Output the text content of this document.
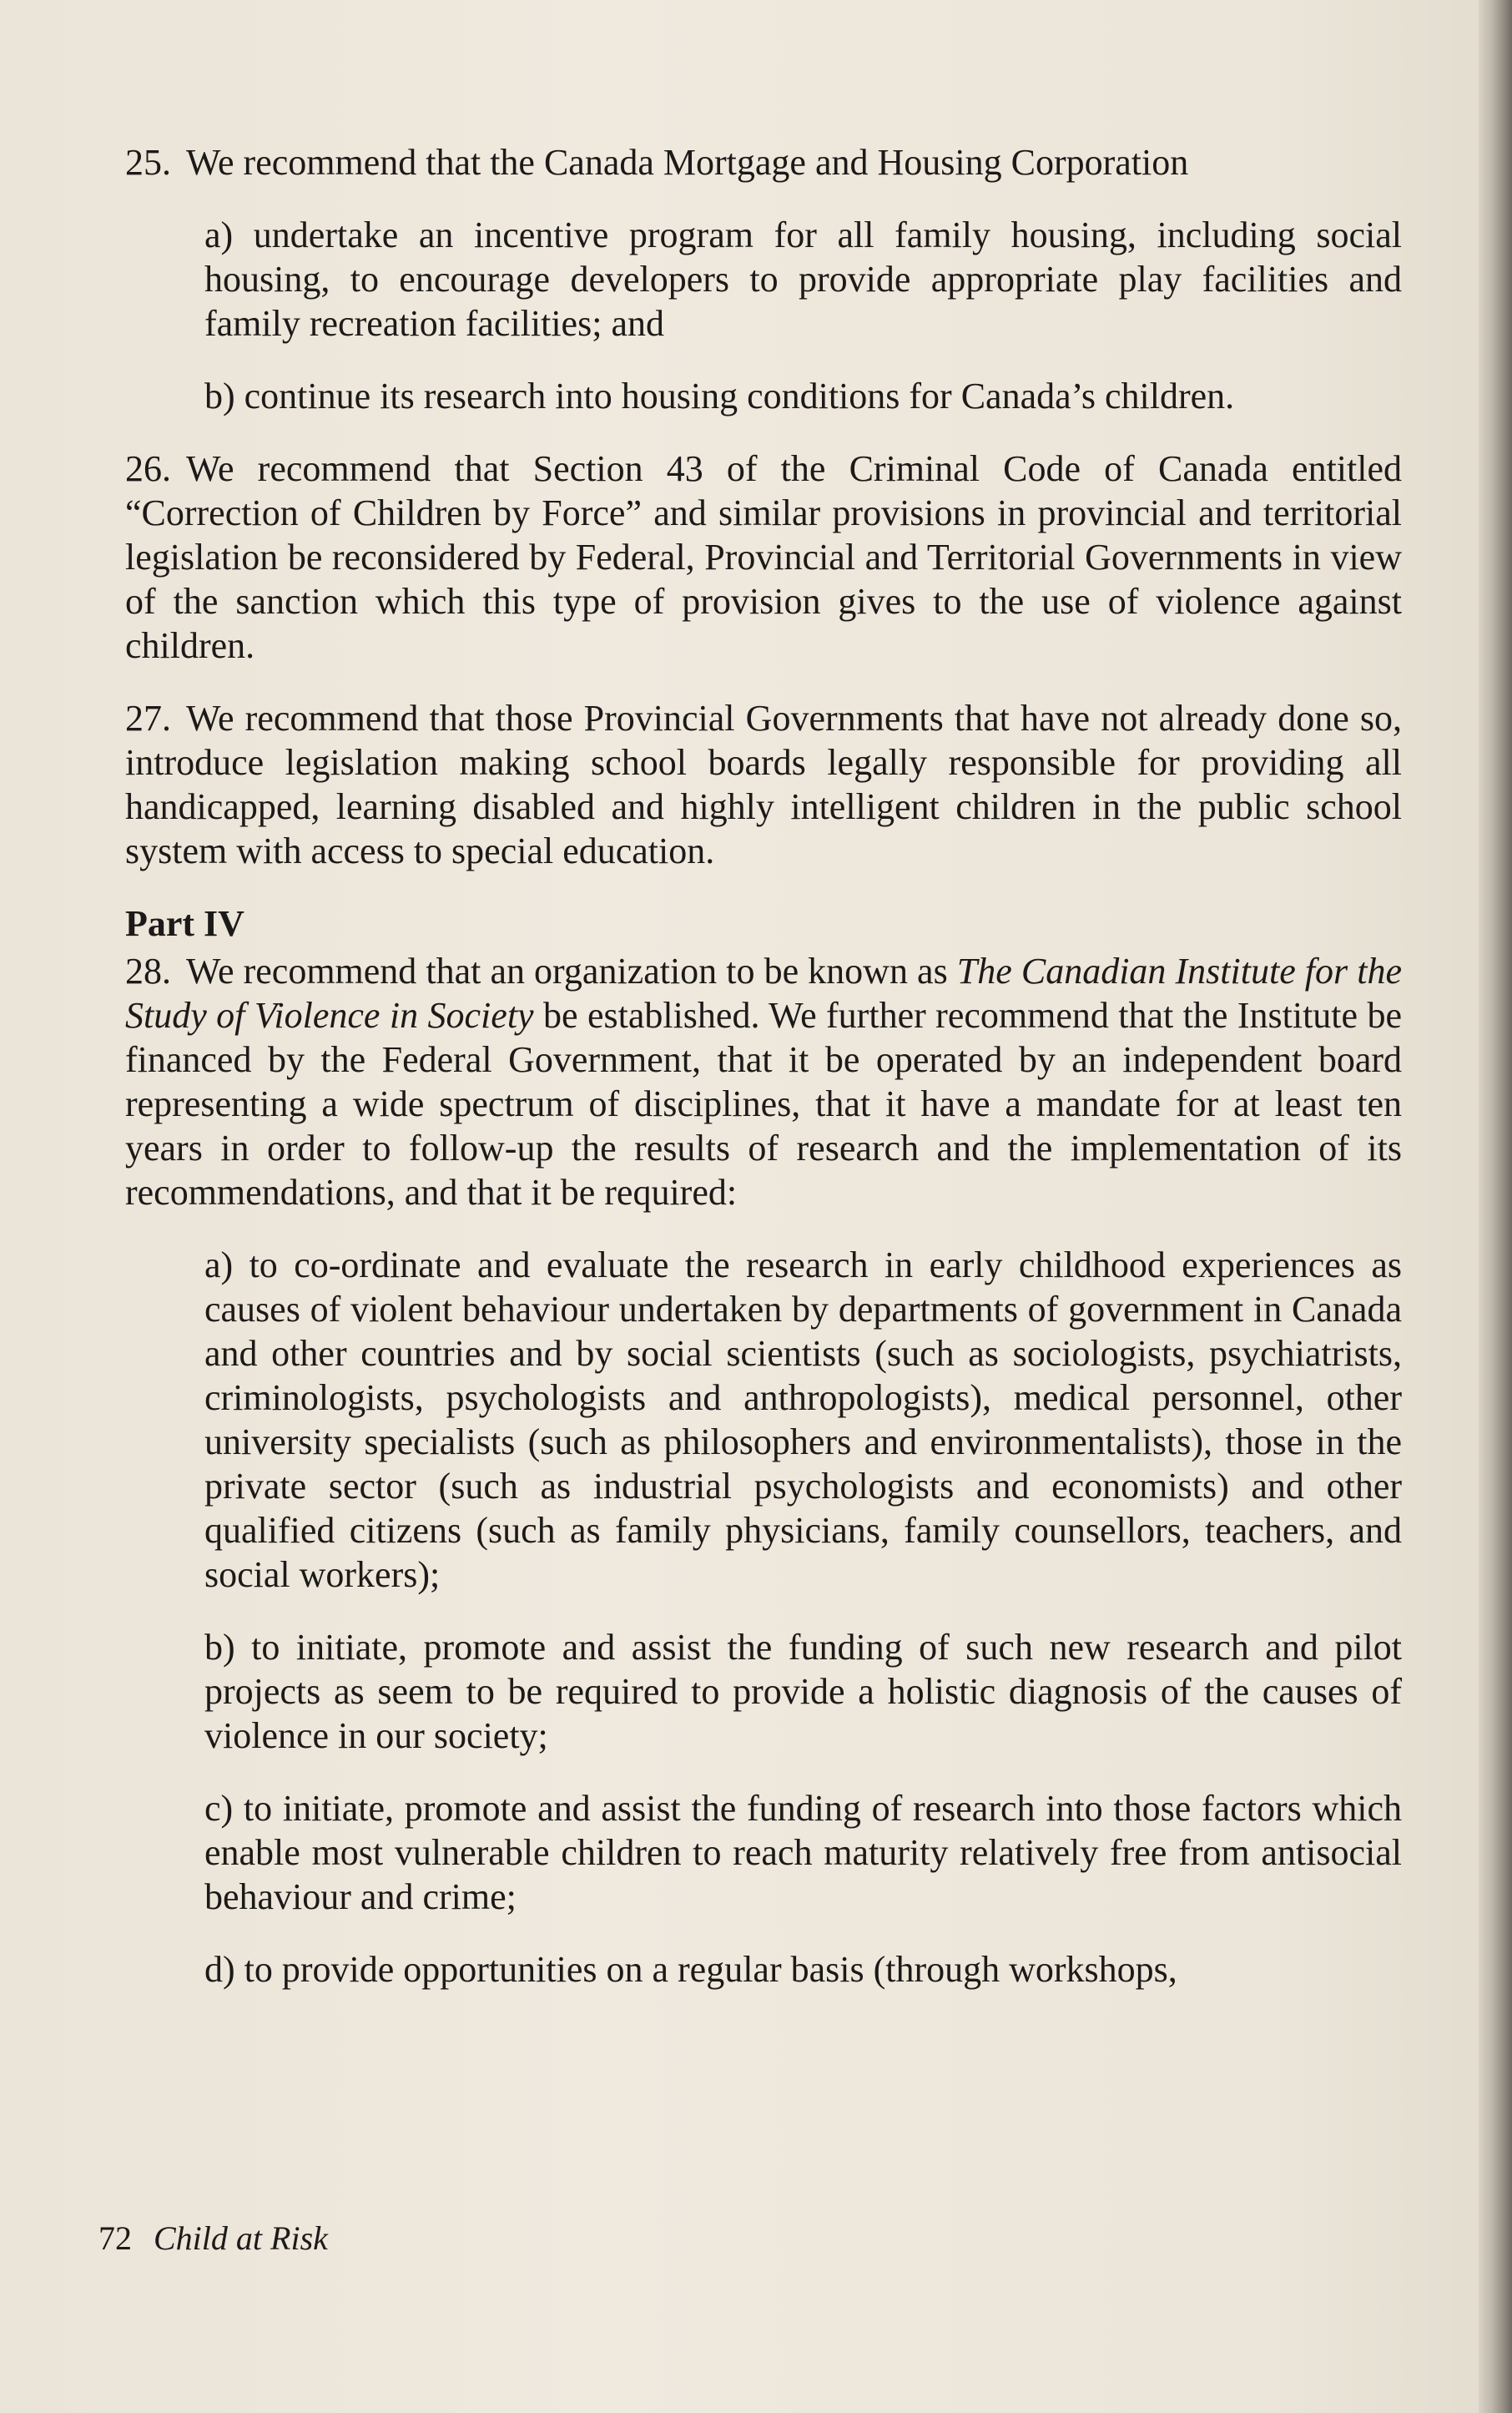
25. We recommend that the Canada Mortgage and Housing Corporation

a) undertake an incentive program for all family housing, including social housing, to encourage developers to provide appropriate play facilities and family recreation facilities; and

b) continue its research into housing conditions for Canada’s children.

26. We recommend that Section 43 of the Criminal Code of Canada entitled “Correction of Children by Force” and similar provisions in provincial and territorial legislation be reconsidered by Federal, Provincial and Territorial Governments in view of the sanction which this type of provision gives to the use of violence against children.

27. We recommend that those Provincial Governments that have not already done so, introduce legislation making school boards legally responsible for providing all handicapped, learning disabled and highly intelligent children in the public school system with access to special education.

Part IV

28. We recommend that an organization to be known as The Canadian Institute for the Study of Violence in Society be established. We further recommend that the Institute be financed by the Federal Government, that it be operated by an independent board representing a wide spectrum of disciplines, that it have a mandate for at least ten years in order to follow-up the results of research and the implementation of its recommendations, and that it be required:

a) to co-ordinate and evaluate the research in early childhood experiences as causes of violent behaviour undertaken by departments of government in Canada and other countries and by social scientists (such as sociologists, psychiatrists, criminologists, psychologists and anthropologists), medical personnel, other university specialists (such as philosophers and environmentalists), those in the private sector (such as industrial psychologists and economists) and other qualified citizens (such as family physicians, family counsellors, teachers, and social workers);

b) to initiate, promote and assist the funding of such new research and pilot projects as seem to be required to provide a holistic diagnosis of the causes of violence in our society;

c) to initiate, promote and assist the funding of research into those factors which enable most vulnerable children to reach maturity relatively free from antisocial behaviour and crime;

d) to provide opportunities on a regular basis (through workshops,

72 Child at Risk
